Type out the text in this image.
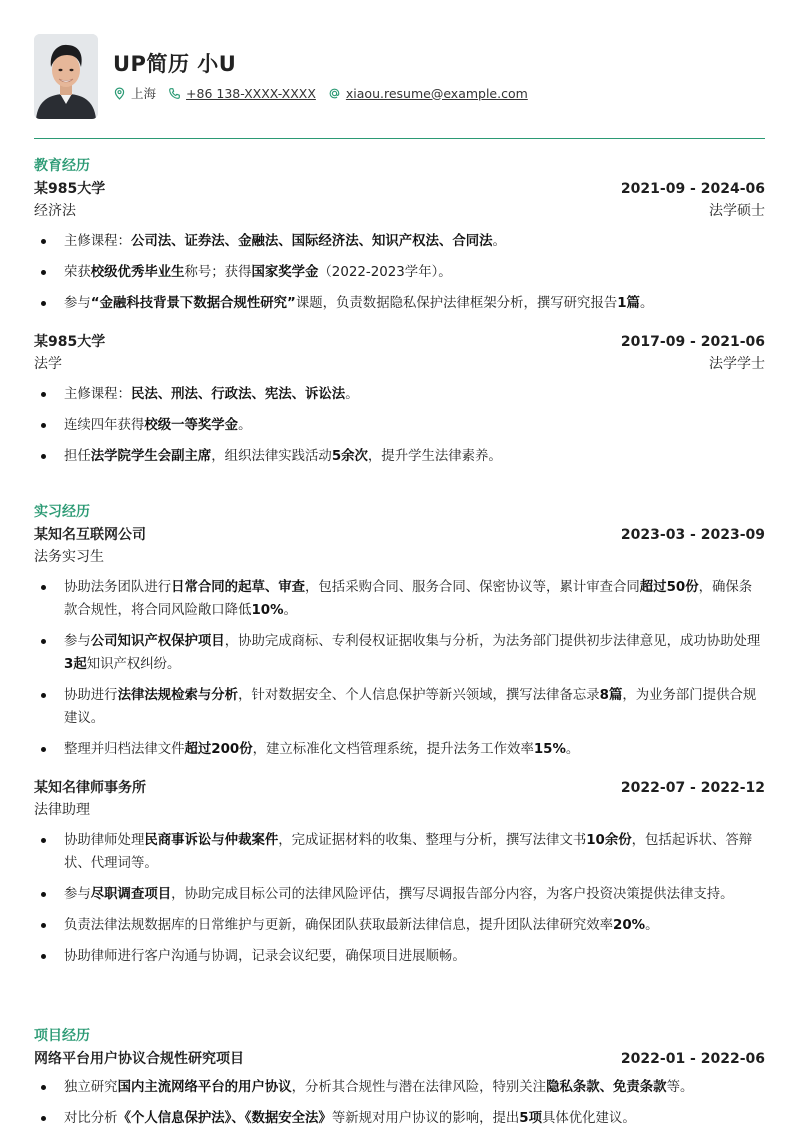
UP简历 小U
上海 +86 138-XXXX-XXXX xiaou.resume@example.com
教育经历
某985大学	2021-09 - 2024-06
经济法	法学硕士
主修课程：公司法、证券法、金融法、国际经济法、知识产权法、合同法。
荣获校级优秀毕业生称号；获得国家奖学金（2022-2023学年）。
参与“金融科技背景下数据合规性研究”课题，负责数据隐私保护法律框架分析，撰写研究报告1篇。
某985大学	2017-09 - 2021-06
法学	法学学士
主修课程：民法、刑法、行政法、宪法、诉讼法。
连续四年获得校级一等奖学金。
担任法学院学生会副主席，组织法律实践活动5余次，提升学生法律素养。
实习经历
某知名互联网公司	2023-03 - 2023-09
法务实习生
协助法务团队进行日常合同的起草、审查，包括采购合同、服务合同、保密协议等，累计审查合同超过50份，确保条款合规性，将合同风险敞口降低10%。
参与公司知识产权保护项目，协助完成商标、专利侵权证据收集与分析，为法务部门提供初步法律意见，成功协助处理3起知识产权纠纷。
协助进行法律法规检索与分析，针对数据安全、个人信息保护等新兴领域，撰写法律备忘录8篇，为业务部门提供合规建议。
整理并归档法律文件超过200份，建立标准化文档管理系统，提升法务工作效率15%。
某知名律师事务所	2022-07 - 2022-12
法律助理
协助律师处理民商事诉讼与仲裁案件，完成证据材料的收集、整理与分析，撰写法律文书10余份，包括起诉状、答辩状、代理词等。
参与尽职调查项目，协助完成目标公司的法律风险评估，撰写尽调报告部分内容，为客户投资决策提供法律支持。
负责法律法规数据库的日常维护与更新，确保团队获取最新法律信息，提升团队法律研究效率20%。
协助律师进行客户沟通与协调，记录会议纪要，确保项目进展顺畅。
项目经历
网络平台用户协议合规性研究项目	2022-01 - 2022-06
独立研究国内主流网络平台的用户协议，分析其合规性与潜在法律风险，特别关注隐私条款、免责条款等。
对比分析《个人信息保护法》、《数据安全法》等新规对用户协议的影响，提出5项具体优化建议。
